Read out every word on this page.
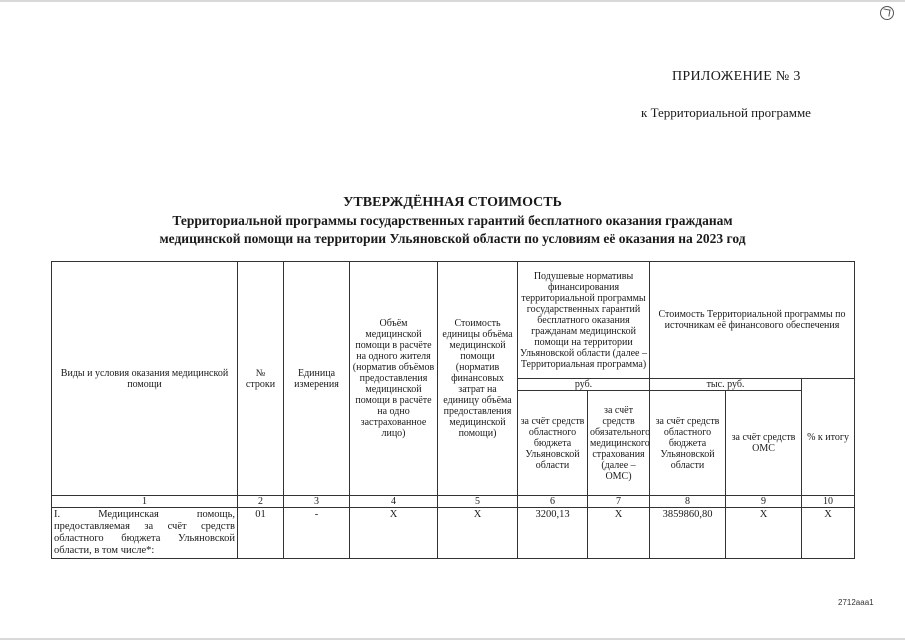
ПРИЛОЖЕНИЕ № 3
к Территориальной программе
УТВЕРЖДЁННАЯ СТОИМОСТЬ
Территориальной программы государственных гарантий бесплатного оказания гражданам
медицинской помощи на территории Ульяновской области по условиям её оказания на 2023 год
Виды и условия оказания медицинской помощи	№ строки	Единица измерения	Объём медицинской помощи в расчёте на одного жителя (норматив объёмов предоставления медицинской помощи в расчёте на одно застрахованное лицо)	Стоимость единицы объёма медицинской помощи (норматив финансовых затрат на единицу объёма предоставления медицинской помощи)	Подушевые нормативы финансирования территориальной программы государственных гарантий бесплатного оказания гражданам медицинской помощи на территории Ульяновской области (далее – Территориальная программа)		Стоимость Территориальной программы по источникам её финансового обеспечения		
					руб.		тыс. руб.		% к итогу
					за счёт средств областного бюджета Ульяновской области	за счёт средств обязательного медицинского страхования (далее – ОМС)	за счёт средств областного бюджета Ульяновской области	за счёт средств ОМС	
1	2	3	4	5	6	7	8	9	10
I. Медицинская помощь, предоставляемая за счёт средств областного бюджета Ульяновской области, в том числе*:	01	-	Х	Х	3200,13	Х	3859860,80	Х	Х
2712ааа1
